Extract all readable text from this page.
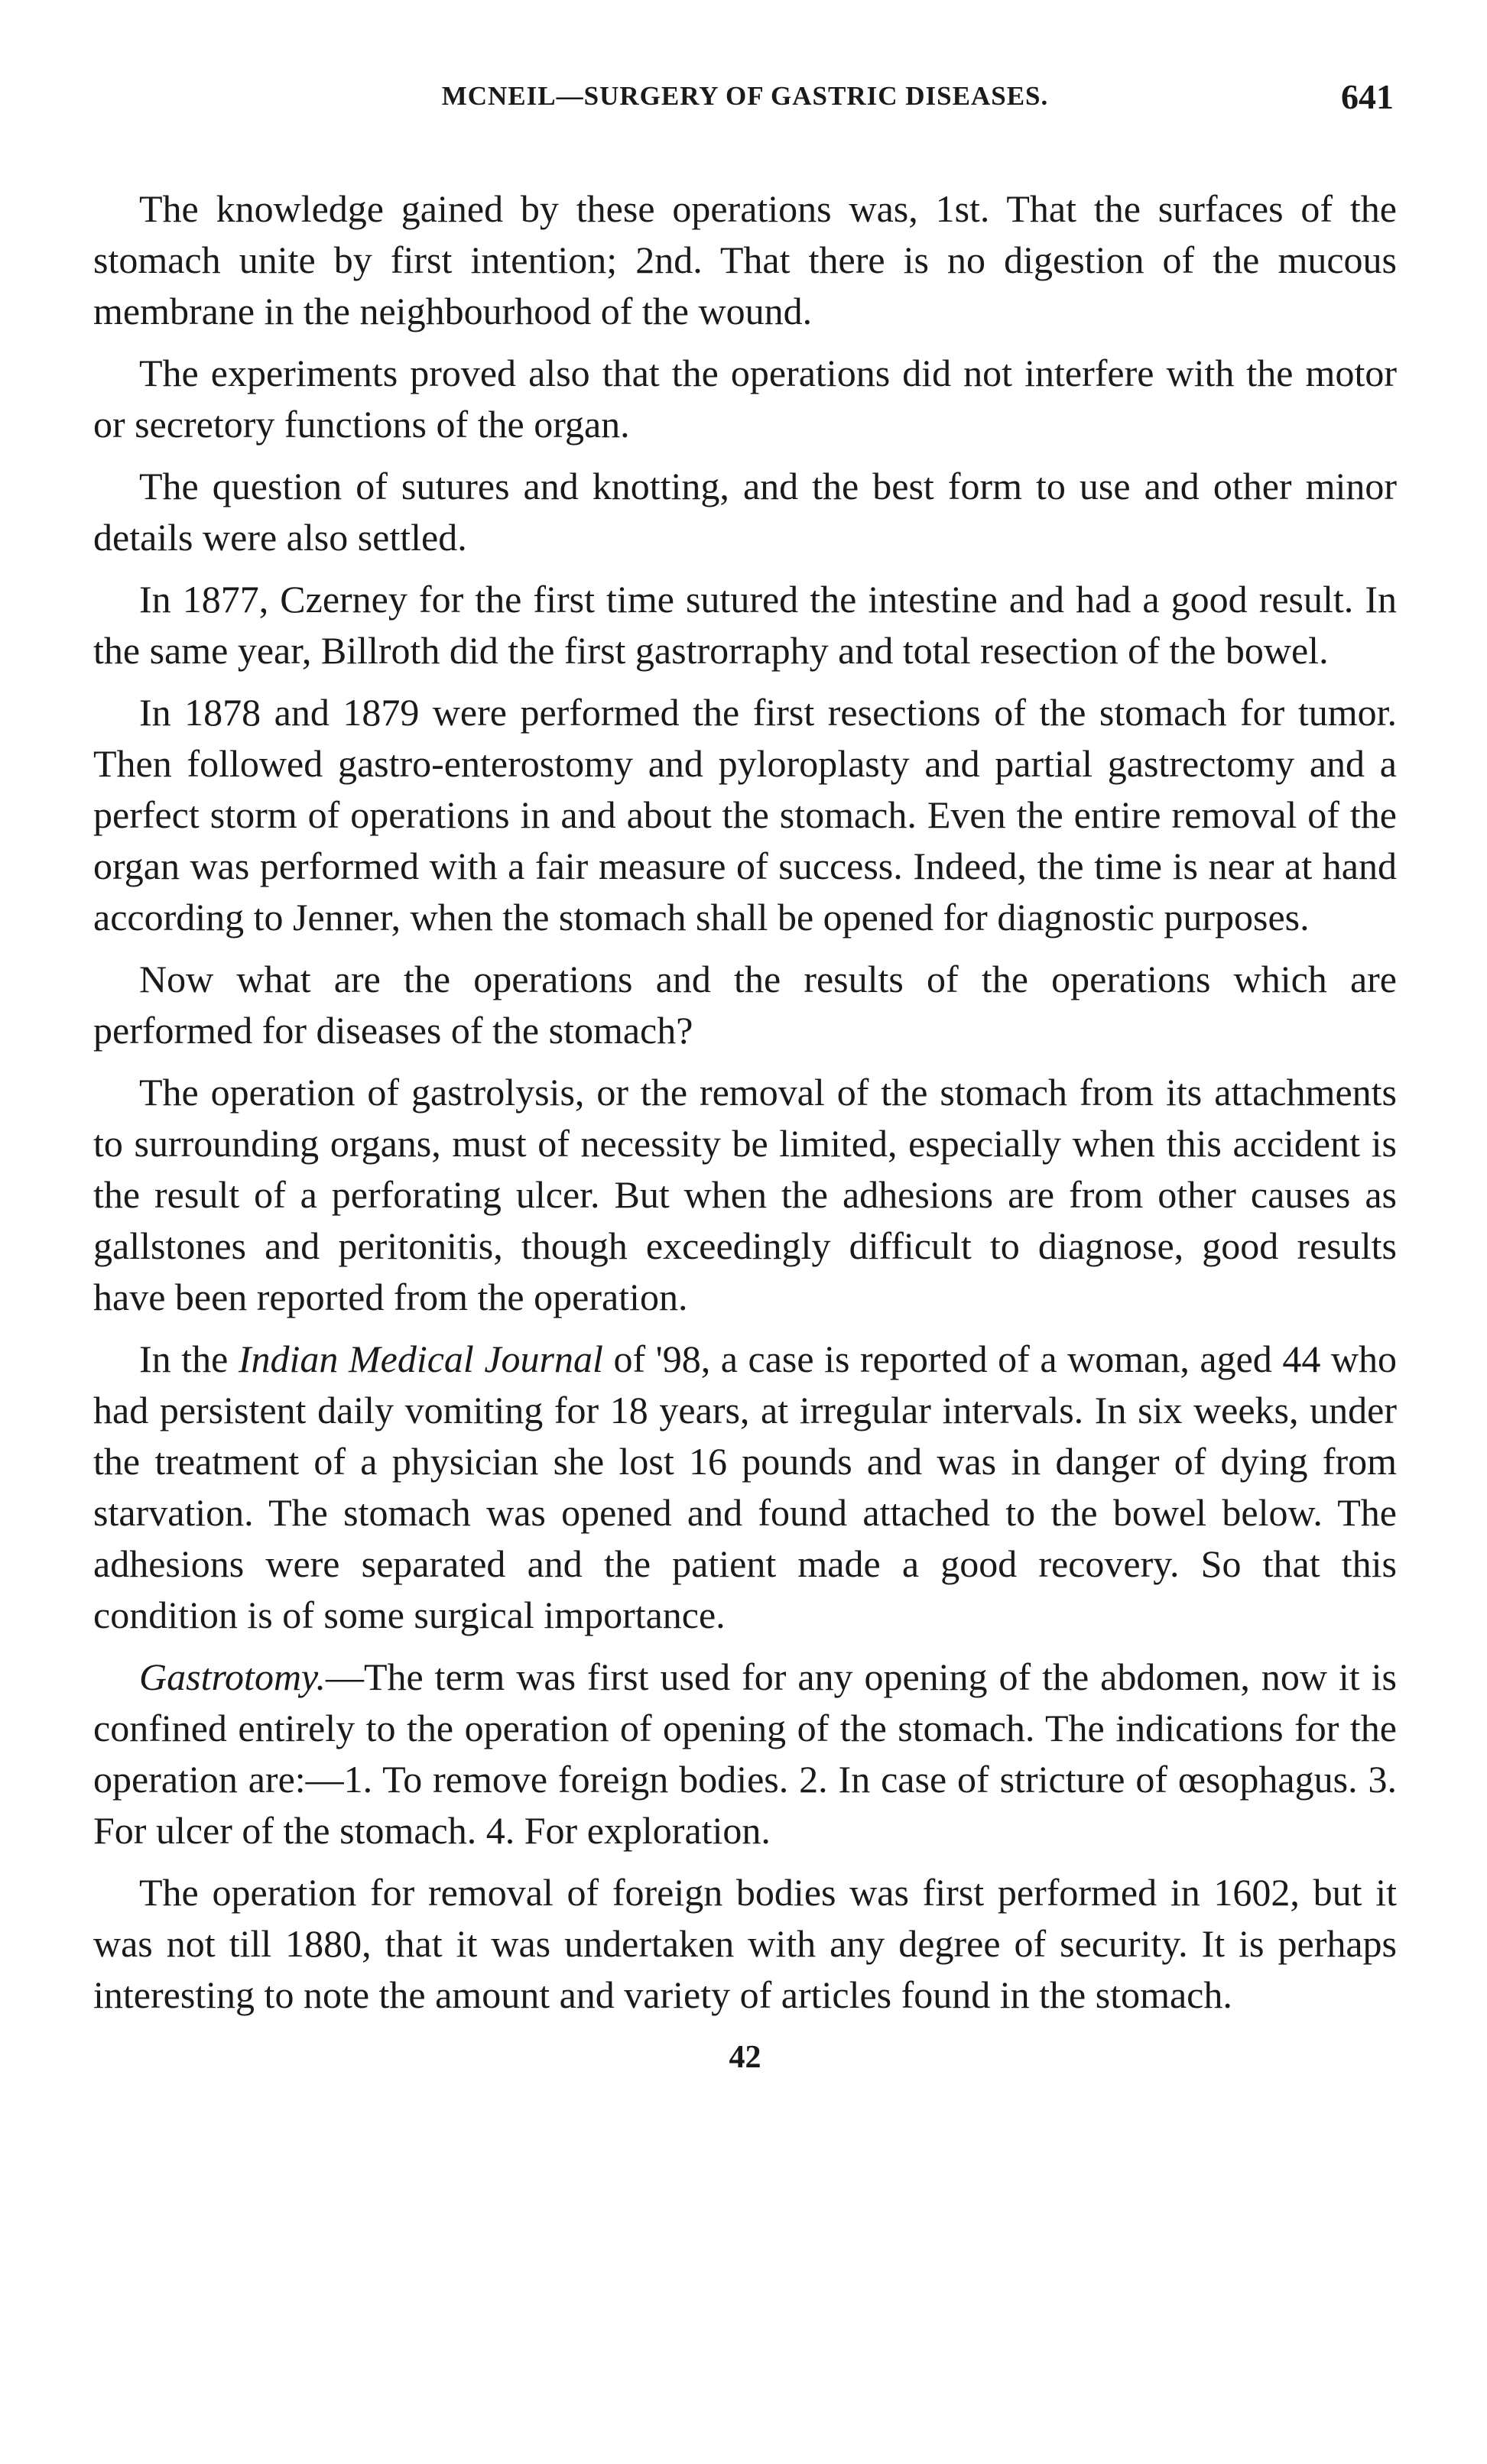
MCNEIL—SURGERY OF GASTRIC DISEASES.	641

The knowledge gained by these operations was, 1st. That the surfaces of the stomach unite by first intention; 2nd. That there is no digestion of the mucous membrane in the neighbourhood of the wound.

The experiments proved also that the operations did not interfere with the motor or secretory functions of the organ.

The question of sutures and knotting, and the best form to use and other minor details were also settled.

In 1877, Czerney for the first time sutured the intestine and had a good result. In the same year, Billroth did the first gastrorraphy and total resection of the bowel.

In 1878 and 1879 were performed the first resections of the stomach for tumor. Then followed gastro-enterostomy and pyloroplasty and partial gastrectomy and a perfect storm of operations in and about the stomach. Even the entire removal of the organ was performed with a fair measure of success. Indeed, the time is near at hand according to Jenner, when the stomach shall be opened for diagnostic purposes.

Now what are the operations and the results of the operations which are performed for diseases of the stomach?

The operation of gastrolysis, or the removal of the stomach from its attachments to surrounding organs, must of necessity be limited, especially when this accident is the result of a perforating ulcer. But when the adhesions are from other causes as gallstones and peritonitis, though exceedingly difficult to diagnose, good results have been reported from the operation.

In the Indian Medical Journal of '98, a case is reported of a woman, aged 44 who had persistent daily vomiting for 18 years, at irregular intervals. In six weeks, under the treatment of a physician she lost 16 pounds and was in danger of dying from starvation. The stomach was opened and found attached to the bowel below. The adhesions were separated and the patient made a good recovery. So that this condition is of some surgical importance.

Gastrotomy.—The term was first used for any opening of the abdomen, now it is confined entirely to the operation of opening of the stomach. The indications for the operation are:—1. To remove foreign bodies. 2. In case of stricture of œsophagus. 3. For ulcer of the stomach. 4. For exploration.

The operation for removal of foreign bodies was first performed in 1602, but it was not till 1880, that it was undertaken with any degree of security. It is perhaps interesting to note the amount and variety of articles found in the stomach.

42
